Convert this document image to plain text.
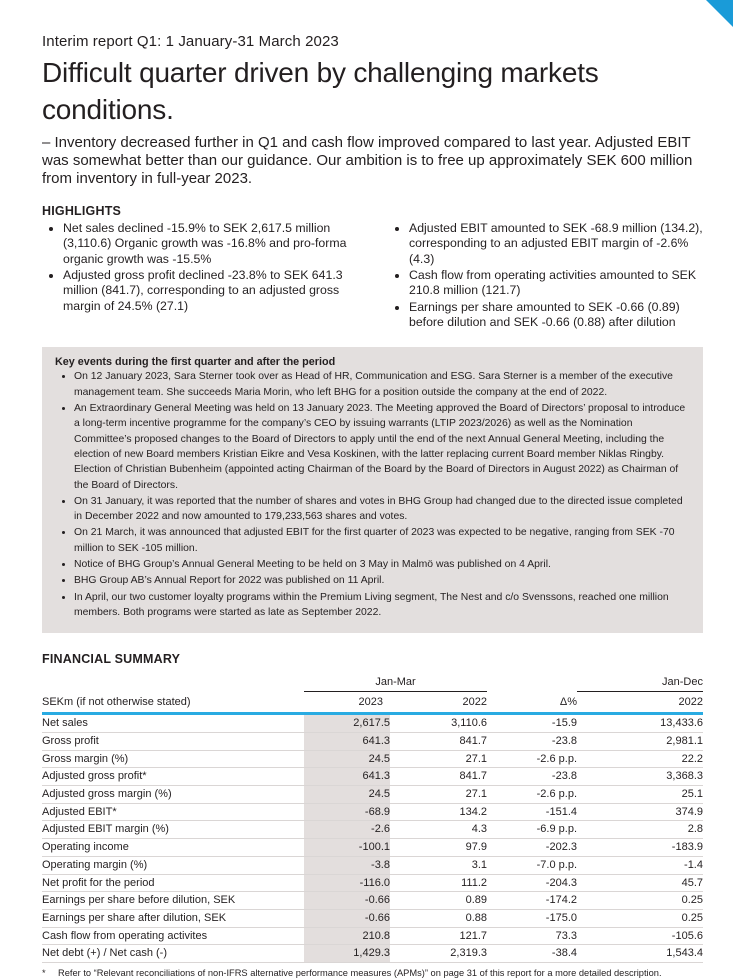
Interim report Q1: 1 January-31 March 2023
Difficult quarter driven by challenging markets conditions.

– Inventory decreased further in Q1 and cash flow improved compared to last year. Adjusted EBIT was somewhat better than our guidance. Our ambition is to free up approximately SEK 600 million from inventory in full-year 2023.

HIGHLIGHTS
• Net sales declined -15.9% to SEK 2,617.5 million (3,110.6) Organic growth was -16.8% and pro-forma organic growth was -15.5%
• Adjusted gross profit declined -23.8% to SEK 641.3 million (841.7), corresponding to an adjusted gross margin of 24.5% (27.1)
• Adjusted EBIT amounted to SEK -68.9 million (134.2), corresponding to an adjusted EBIT margin of -2.6% (4.3)
• Cash flow from operating activities amounted to SEK 210.8 million (121.7)
• Earnings per share amounted to SEK -0.66 (0.89) before dilution and SEK -0.66 (0.88) after dilution
Key events during the first quarter and after the period
• On 12 January 2023, Sara Sterner took over as Head of HR, Communication and ESG. Sara Sterner is a member of the executive management team. She succeeds Maria Morin, who left BHG for a position outside the company at the end of 2022.
• An Extraordinary General Meeting was held on 13 January 2023. The Meeting approved the Board of Directors’ proposal to introduce a long-term incentive programme for the company’s CEO by issuing warrants (LTIP 2023/2026) as well as the Nomination Committee’s proposed changes to the Board of Directors to apply until the end of the next Annual General Meeting, including the election of new Board members Kristian Eikre and Vesa Koskinen, with the latter replacing current Board member Niklas Ringby. Election of Christian Bubenheim (appointed acting Chairman of the Board by the Board of Directors in August 2022) as Chairman of the Board of Directors.
• On 31 January, it was reported that the number of shares and votes in BHG Group had changed due to the directed issue completed in December 2022 and now amounted to 179,233,563 shares and votes.
• On 21 March, it was announced that adjusted EBIT for the first quarter of 2023 was expected to be negative, ranging from SEK -70 million to SEK -105 million.
• Notice of BHG Group’s Annual General Meeting to be held on 3 May in Malmö was published on 4 April.
• BHG Group AB’s Annual Report for 2022 was published on 11 April.
• In April, our two customer loyalty programs within the Premium Living segment, The Nest and c/o Svenssons, reached one million members. Both programs were started as late as September 2022.
FINANCIAL SUMMARY
	Jan-Mar			Jan-Dec
SEKm (if not otherwise stated)	2023	2022	Δ%	2022
Net sales	2,617.5	3,110.6	-15.9	13,433.6
Gross profit	641.3	841.7	-23.8	2,981.1
Gross margin (%)	24.5	27.1	-2.6 p.p.	22.2
Adjusted gross profit*	641.3	841.7	-23.8	3,368.3
Adjusted gross margin (%)	24.5	27.1	-2.6 p.p.	25.1
Adjusted EBIT*	-68.9	134.2	-151.4	374.9
Adjusted EBIT margin (%)	-2.6	4.3	-6.9 p.p.	2.8
Operating income	-100.1	97.9	-202.3	-183.9
Operating margin (%)	-3.8	3.1	-7.0 p.p.	-1.4
Net profit for the period	-116.0	111.2	-204.3	45.7
Earnings per share before dilution, SEK	-0.66	0.89	-174.2	0.25
Earnings per share after dilution, SEK	-0.66	0.88	-175.0	0.25
Cash flow from operating activites	210.8	121.7	73.3	-105.6
Net debt (+) / Net cash (-)	1,429.3	2,319.3	-38.4	1,543.4
*	Refer to “Relevant reconciliations of non-IFRS alternative performance measures (APMs)” on page 31 of this report for a more detailed description.
